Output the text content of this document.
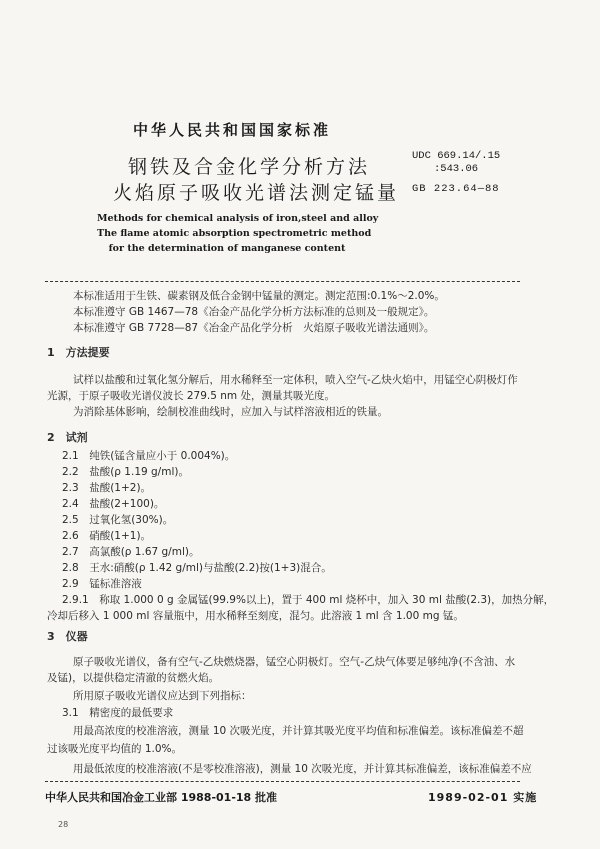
中华人民共和国国家标准
钢铁及合金化学分析方法
火焰原子吸收光谱法测定锰量
Methods for chemical analysis of iron,steel and alloy
The flame atomic absorption spectrometric method
for the determination of manganese content
UDC 669.14/.15
:543.06
GB 223.64—88
本标准适用于生铁、碳素钢及低合金钢中锰量的测定。测定范围:0.1%～2.0%。
本标准遵守 GB 1467—78《冶金产品化学分析方法标准的总则及一般规定》。
本标准遵守 GB 7728—87《冶金产品化学分析　火焰原子吸收光谱法通则》。
1　方法提要
试样以盐酸和过氧化氢分解后，用水稀释至一定体积，喷入空气-乙炔火焰中，用锰空心阴极灯作
光源，于原子吸收光谱仪波长 279.5 nm 处，测量其吸光度。
为消除基体影响，绘制校准曲线时，应加入与试样溶液相近的铁量。
2　试剂
2.1　纯铁(锰含量应小于 0.004%)。
2.2　盐酸(ρ 1.19 g/ml)。
2.3　盐酸(1+2)。
2.4　盐酸(2+100)。
2.5　过氧化氢(30%)。
2.6　硝酸(1+1)。
2.7　高氯酸(ρ 1.67 g/ml)。
2.8　王水:硝酸(ρ 1.42 g/ml)与盐酸(2.2)按(1+3)混合。
2.9　锰标准溶液
2.9.1　称取 1.000 0 g 金属锰(99.9%以上)，置于 400 ml 烧杯中，加入 30 ml 盐酸(2.3)，加热分解，
冷却后移入 1 000 ml 容量瓶中，用水稀释至刻度，混匀。此溶液 1 ml 含 1.00 mg 锰。
3　仪器
原子吸收光谱仪，备有空气-乙炔燃烧器，锰空心阴极灯。空气-乙炔气体要足够纯净(不含油、水
及锰)，以提供稳定清澈的贫燃火焰。
所用原子吸收光谱仪应达到下列指标：
3.1　精密度的最低要求
用最高浓度的校准溶液，测量 10 次吸光度，并计算其吸光度平均值和标准偏差。该标准偏差不超
过该吸光度平均值的 1.0%。
用最低浓度的校准溶液(不是零校准溶液)，测量 10 次吸光度，并计算其标准偏差，该标准偏差不应
中华人民共和国冶金工业部 1988-01-18 批准	1989-02-01 实施
28
